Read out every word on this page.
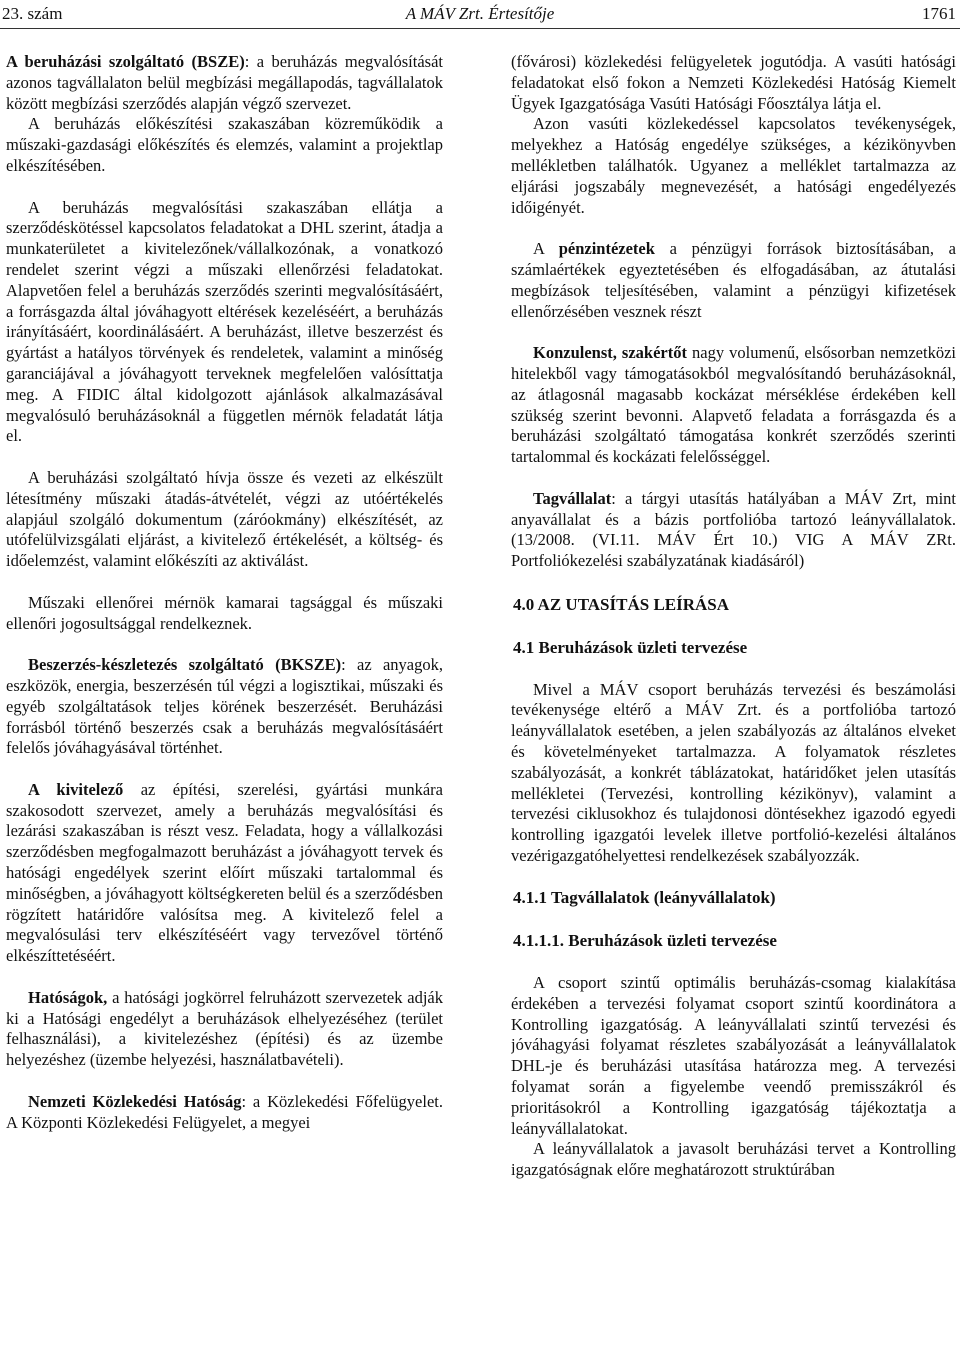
23. szám	A MÁV Zrt. Értesítője	1761

A beruházási szolgáltató (BSZE): a beruházás megvalósítását azonos tagvállalaton belül megbízási megállapodás, tagvállalatok között megbízási szerződés alapján végző szervezet.

A beruházás előkészítési szakaszában közreműködik a műszaki-gazdasági előkészítés és elemzés, valamint a projektlap elkészítésében.

A beruházás megvalósítási szakaszában ellátja a szerződéskötéssel kapcsolatos feladatokat a DHL szerint, átadja a munkaterületet a kivitelezőnek/vállalkozónak, a vonatkozó rendelet szerint végzi a műszaki ellenőrzési feladatokat. Alapvetően felel a beruházás szerződés szerinti megvalósításáért, a forrásgazda által jóváhagyott eltérések kezeléséért, a beruházás irányításáért, koordinálásáért. A beruházást, illetve beszerzést és gyártást a hatályos törvények és rendeletek, valamint a minőség garanciájával a jóváhagyott terveknek megfelelően valósíttatja meg. A FIDIC által kidolgozott ajánlások alkalmazásával megvalósuló beruházásoknál a független mérnök feladatát látja el.

A beruházási szolgáltató hívja össze és vezeti az elkészült létesítmény műszaki átadás-átvételét, végzi az utóértékelés alapjául szolgáló dokumentum (záróokmány) elkészítését, az utófelülvizsgálati eljárást, a kivitelező értékelését, a költség- és időelemzést, valamint előkészíti az aktiválást.

Műszaki ellenőrei mérnök kamarai tagsággal és műszaki ellenőri jogosultsággal rendelkeznek.

Beszerzés-készletezés szolgáltató (BKSZE): az anyagok, eszközök, energia, beszerzésén túl végzi a logisztikai, műszaki és egyéb szolgáltatások teljes körének beszerzését. Beruházási forrásból történő beszerzés csak a beruházás megvalósításáért felelős jóváhagyásával történhet.

A kivitelező az építési, szerelési, gyártási munkára szakosodott szervezet, amely a beruházás megvalósítási és lezárási szakaszában is részt vesz. Feladata, hogy a vállalkozási szerződésben megfogalmazott beruházást a jóváhagyott tervek és hatósági engedélyek szerint előírt műszaki tartalommal és minőségben, a jóváhagyott költségkereten belül és a szerződésben rögzített határidőre valósítsa meg. A kivitelező felel a megvalósulási terv elkészítéséért vagy tervezővel történő elkészíttetéséért.

Hatóságok, a hatósági jogkörrel felruházott szervezetek adják ki a Hatósági engedélyt a beruházások elhelyezéséhez (terület felhasználási), a kivitelezéshez (építési) és az üzembe helyezéshez (üzembe helyezési, használatbavételi).

Nemzeti Közlekedési Hatóság: a Közlekedési Főfelügyelet. A Központi Közlekedési Felügyelet, a megyei

(fővárosi) közlekedési felügyeletek jogutódja. A vasúti hatósági feladatokat első fokon a Nemzeti Közlekedési Hatóság Kiemelt Ügyek Igazgatósága Vasúti Hatósági Főosztálya látja el.

Azon vasúti közlekedéssel kapcsolatos tevékenységek, melyekhez a Hatóság engedélye szükséges, a kézikönyvben mellékletben találhatók. Ugyanez a melléklet tartalmazza az eljárási jogszabály megnevezését, a hatósági engedélyezés időigényét.

A pénzintézetek a pénzügyi források biztosításában, a számlaértékek egyeztetésében és elfogadásában, az átutalási megbízások teljesítésében, valamint a pénzügyi kifizetések ellenőrzésében vesznek részt

Konzulenst, szakértőt nagy volumenű, elsősorban nemzetközi hitelekből vagy támogatásokból megvalósítandó beruházásoknál, az átlagosnál magasabb kockázat mérséklése érdekében kell szükség szerint bevonni. Alapvető feladata a forrásgazda és a beruházási szolgáltató támogatása konkrét szerződés szerinti tartalommal és kockázati felelősséggel.

Tagvállalat: a tárgyi utasítás hatályában a MÁV Zrt, mint anyavállalat és a bázis portfolióba tartozó leányvállalatok. (13/2008. (VI.11. MÁV Ért 10.) VIG A MÁV ZRt. Portfoliókezelési szabályzatának kiadásáról)

4.0 AZ UTASÍTÁS LEÍRÁSA
4.1 Beruházások üzleti tervezése

Mivel a MÁV csoport beruházás tervezési és beszámolási tevékenysége eltérő a MÁV Zrt. és a portfolióba tartozó leányvállalatok esetében, a jelen szabályozás az általános elveket és követelményeket tartalmazza. A folyamatok részletes szabályozását, a konkrét táblázatokat, határidőket jelen utasítás mellékletei (Tervezési, kontrolling kézikönyv), valamint a tervezési ciklusokhoz és tulajdonosi döntésekhez igazodó egyedi kontrolling igazgatói levelek illetve portfolió-kezelési általános vezérigazgatóhelyettesi rendelkezések szabályozzák.

4.1.1 Tagvállalatok (leányvállalatok)
4.1.1.1. Beruházások üzleti tervezése

A csoport szintű optimális beruházás-csomag kialakítása érdekében a tervezési folyamat csoport szintű koordinátora a Kontrolling igazgatóság. A leányvállalati szintű tervezési és jóváhagyási folyamat részletes szabályozását a leányvállalatok DHL-je és beruházási utasítása határozza meg. A tervezési folyamat során a figyelembe veendő premisszákról és prioritásokról a Kontrolling igazgatóság tájékoztatja a leányvállalatokat.

A leányvállalatok a javasolt beruházási tervet a Kontrolling igazgatóságnak előre meghatározott struktúrában
